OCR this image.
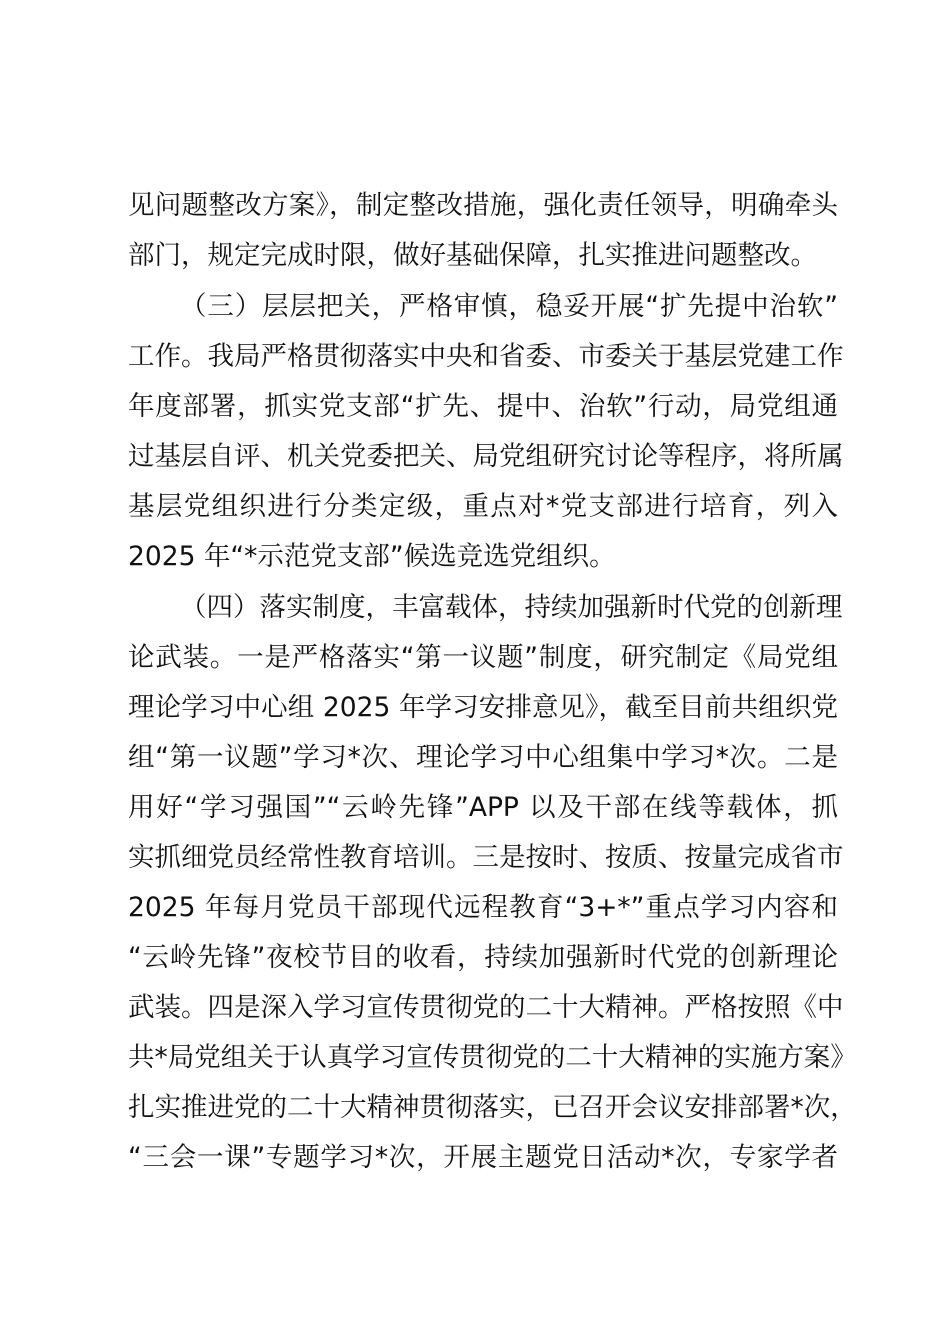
见问题整改方案》，制定整改措施，强化责任领导，明确牵头
部门，规定完成时限，做好基础保障，扎实推进问题整改。
（三）层层把关，严格审慎，稳妥开展“扩先提中治软”
工作。我局严格贯彻落实中央和省委、市委关于基层党建工作
年度部署，抓实党支部“扩先、提中、治软”行动，局党组通
过基层自评、机关党委把关、局党组研究讨论等程序，将所属
基层党组织进行分类定级，重点对*党支部进行培育，列入
2025 年“*示范党支部”候选竞选党组织。
（四）落实制度，丰富载体，持续加强新时代党的创新理
论武装。一是严格落实“第一议题”制度，研究制定《局党组
理论学习中心组 2025 年学习安排意见》，截至目前共组织党
组“第一议题”学习*次、理论学习中心组集中学习*次。二是
用好“学习强国”“云岭先锋”APP 以及干部在线等载体，抓
实抓细党员经常性教育培训。三是按时、按质、按量完成省市
2025 年每月党员干部现代远程教育“3+*”重点学习内容和
“云岭先锋”夜校节目的收看，持续加强新时代党的创新理论
武装。四是深入学习宣传贯彻党的二十大精神。严格按照《中
共*局党组关于认真学习宣传贯彻党的二十大精神的实施方案》
扎实推进党的二十大精神贯彻落实，已召开会议安排部署*次，
“三会一课”专题学习*次，开展主题党日活动*次，专家学者
